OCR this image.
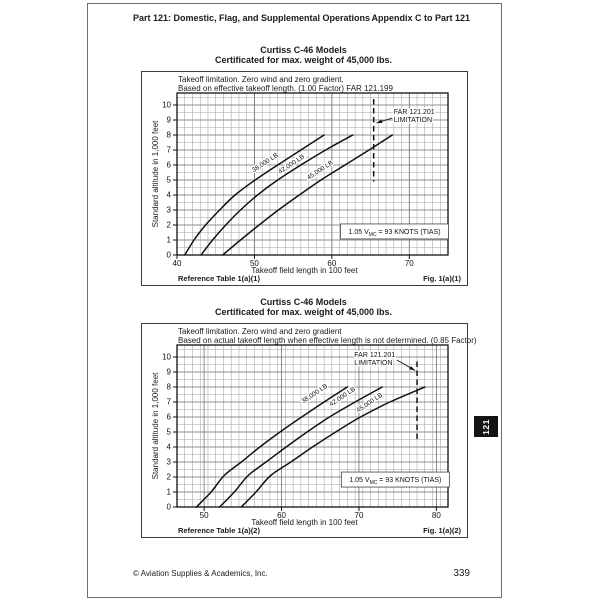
Part 121: Domestic, Flag, and Supplemental Operations Appendix C to Part 121
Curtiss C-46 Models
Certificated for max. weight of 45,000 lbs.
40	50	60	70
0
1
2
3
4
5
6
7
8
9
10
38,000 LB
42,000 LB 45,000 LB
FAR 121.201
LIMITATION
1.05 $V_{MC} = 93$ KNOTS (TIAS)
Takeoff limitation. Zero wind and zero gradient.
Based on effective takeoff length. (1.00 Factor) FAR 121.199
Standard altitude in 1,000 feet
Takeoff field length in 100 feet
Reference Table 1(a)(1)	Fig. 1(a)(1)
Curtiss C-46 Models
Certificated for max. weight of 45,000 lbs.
50	60	70	80
0
1
2
3
4
5
6
7
8
9
10
38,000 LB 42,000 LB
45,000 LB
FAR 121.201
LIMITATION
1.05 $V_{MC} = 93$ KNOTS (TIAS)
Takeoff limitation. Zero wind and zero gradient
Based on actual takeoff length when effective length is not determined. (0.85 Factor)
Standard altitude in 1,000 feet
Takeoff field length in 100 feet
Reference Table 1(a)(2)	Fig. 1(a)(2)
121
© Aviation Supplies & Academics, Inc.	339
